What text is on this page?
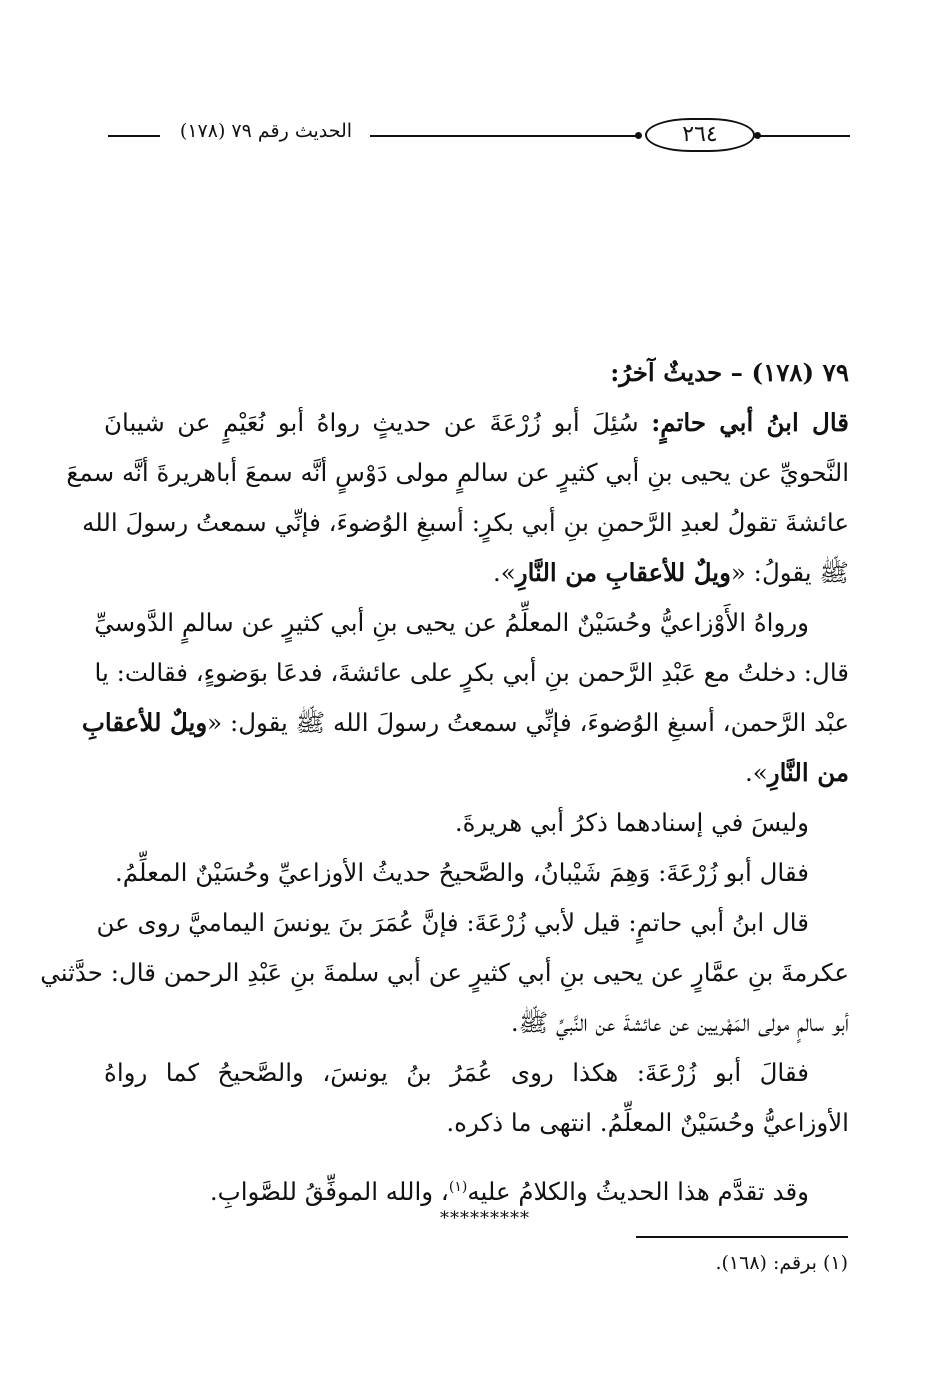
الحديث رقم ٧٩ (١٧٨)	٢٦٤
٧٩ (١٧٨) – حديثٌ آخرُ:
قال ابنُ أبي حاتمٍ: سُئِلَ أبو زُرْعَةَ عن حديثٍ رواهُ أبو نُعَيْمٍ عن شيبانَ
النَّحويِّ عن يحيى بنِ أبي كثيرٍ عن سالمٍ مولى دَوْسٍ أنَّه سمعَ أباهريرةَ أنَّه سمعَ
عائشةَ تقولُ لعبدِ الرَّحمنِ بنِ أبي بكرٍ: أسبغِ الوُضوءَ، فإنِّي سمعتُ رسولَ الله
ﷺ يقولُ: «ويلٌ للأعقابِ من النَّارِ».
ورواهُ الأَوْزاعيُّ وحُسَيْنٌ المعلِّمُ عن يحيى بنِ أبي كثيرٍ عن سالمٍ الدَّوسيِّ
قال: دخلتُ مع عَبْدِ الرَّحمن بنِ أبي بكرٍ على عائشةَ، فدعَا بوَضوءٍ، فقالت: يا
عبْد الرَّحمن، أسبغِ الوُضوءَ، فإنِّي سمعتُ رسولَ الله ﷺ يقول: «ويلٌ للأعقابِ
من النَّارِ».
وليسَ في إسنادهما ذكرُ أبي هريرةَ.
فقال أبو زُرْعَةَ: وَهِمَ شَيْبانُ، والصَّحيحُ حديثُ الأوزاعيِّ وحُسَيْنٌ المعلِّمُ.
قال ابنُ أبي حاتمٍ: قيل لأبي زُرْعَةَ: فإنَّ عُمَرَ بنَ يونسَ اليماميَّ روى عن
عكرمةَ بنِ عمَّارٍ عن يحيى بنِ أبي كثيرٍ عن أبي سلمةَ بنِ عَبْدِ الرحمن قال: حدَّثني
أبو سالمٍ مولى المَهْريين عن عائشةَ عن النَّبيِّ ﷺ.
فقالَ أبو زُرْعَةَ: هكذا روى عُمَرُ بنُ يونسَ، والصَّحيحُ كما رواهُ
الأوزاعيُّ وحُسَيْنٌ المعلِّمُ. انتهى ما ذكره.
وقد تقدَّم هذا الحديثُ والكلامُ عليه$^{(١)}$، والله الموفِّقُ للصَّوابِ.
*********
(١) برقم: (١٦٨).
